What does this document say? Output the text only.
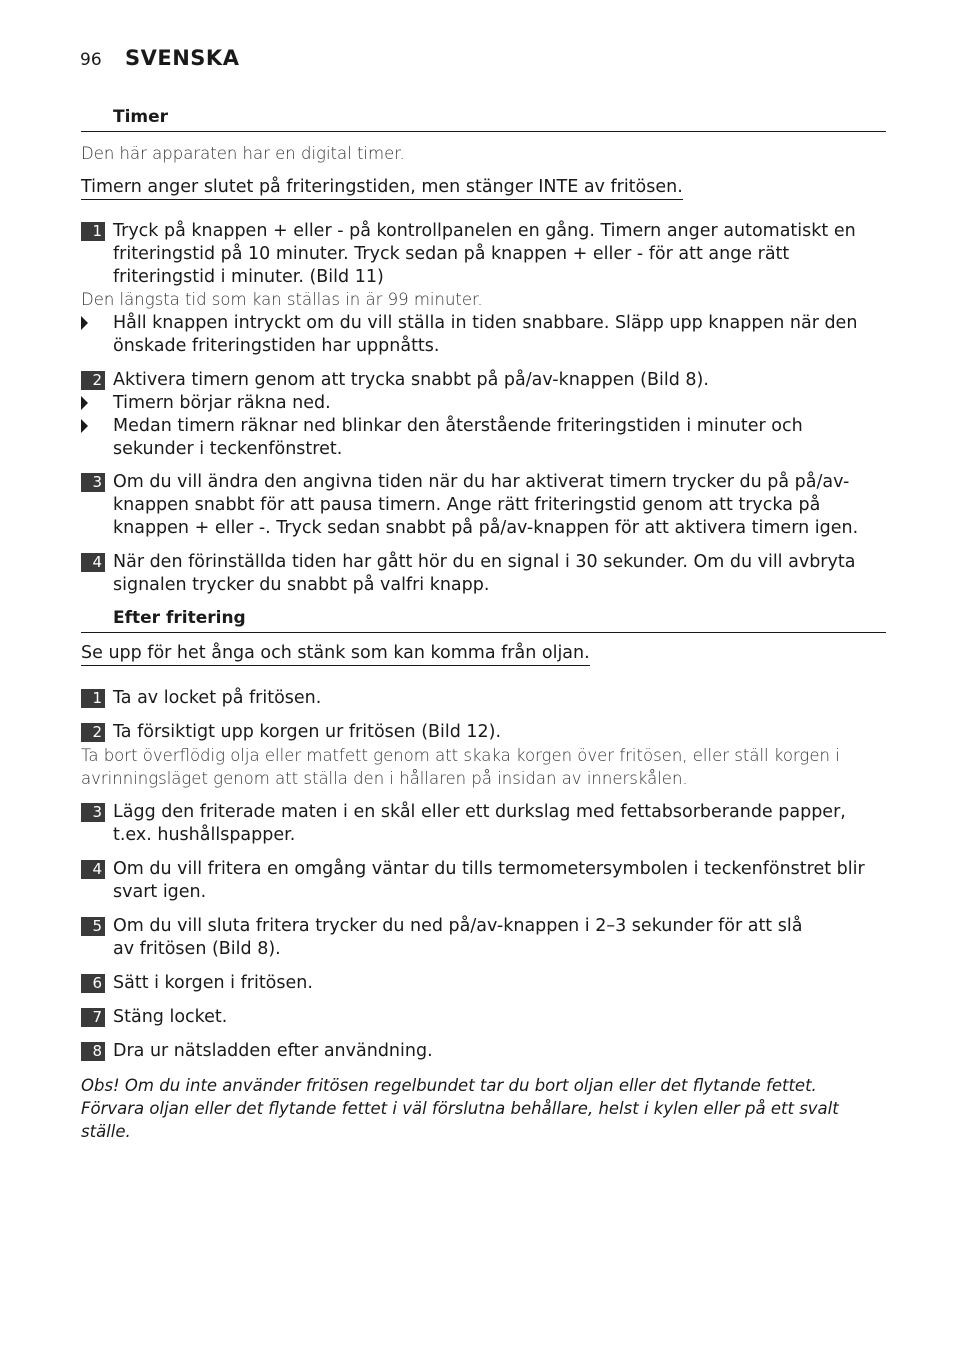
96 SVENSKA
Timer
Den här apparaten har en digital timer.
Timern anger slutet på friteringstiden, men stänger INTE av fritösen.
1 Tryck på knappen + eller - på kontrollpanelen en gång. Timern anger automatiskt en friteringstid på 10 minuter. Tryck sedan på knappen + eller - för att ange rätt friteringstid i minuter. (Bild 11)
Den längsta tid som kan ställas in är 99 minuter.
Håll knappen intryckt om du vill ställa in tiden snabbare. Släpp upp knappen när den önskade friteringstiden har uppnåtts.
2 Aktivera timern genom att trycka snabbt på på/av-knappen (Bild 8).
Timern börjar räkna ned.
Medan timern räknar ned blinkar den återstående friteringstiden i minuter och sekunder i teckenfönstret.
3 Om du vill ändra den angivna tiden när du har aktiverat timern trycker du på på/av-knappen snabbt för att pausa timern. Ange rätt friteringstid genom att trycka på knappen + eller -. Tryck sedan snabbt på på/av-knappen för att aktivera timern igen.
4 När den förinställda tiden har gått hör du en signal i 30 sekunder. Om du vill avbryta signalen trycker du snabbt på valfri knapp.
Efter fritering
Se upp för het ånga och stänk som kan komma från oljan.
1 Ta av locket på fritösen.
2 Ta försiktigt upp korgen ur fritösen (Bild 12).
Ta bort överflödig olja eller matfett genom att skaka korgen över fritösen, eller ställ korgen i avrinningsläget genom att ställa den i hållaren på insidan av innerskålen.
3 Lägg den friterade maten i en skål eller ett durkslag med fettabsorberande papper, t.ex. hushållspapper.
4 Om du vill fritera en omgång väntar du tills termometersymbolen i teckenfönstret blir svart igen.
5 Om du vill sluta fritera trycker du ned på/av-knappen i 2–3 sekunder för att slå av fritösen (Bild 8).
6 Sätt i korgen i fritösen.
7 Stäng locket.
8 Dra ur nätsladden efter användning.
Obs! Om du inte använder fritösen regelbundet tar du bort oljan eller det flytande fettet. Förvara oljan eller det flytande fettet i väl förslutna behållare, helst i kylen eller på ett svalt ställe.
